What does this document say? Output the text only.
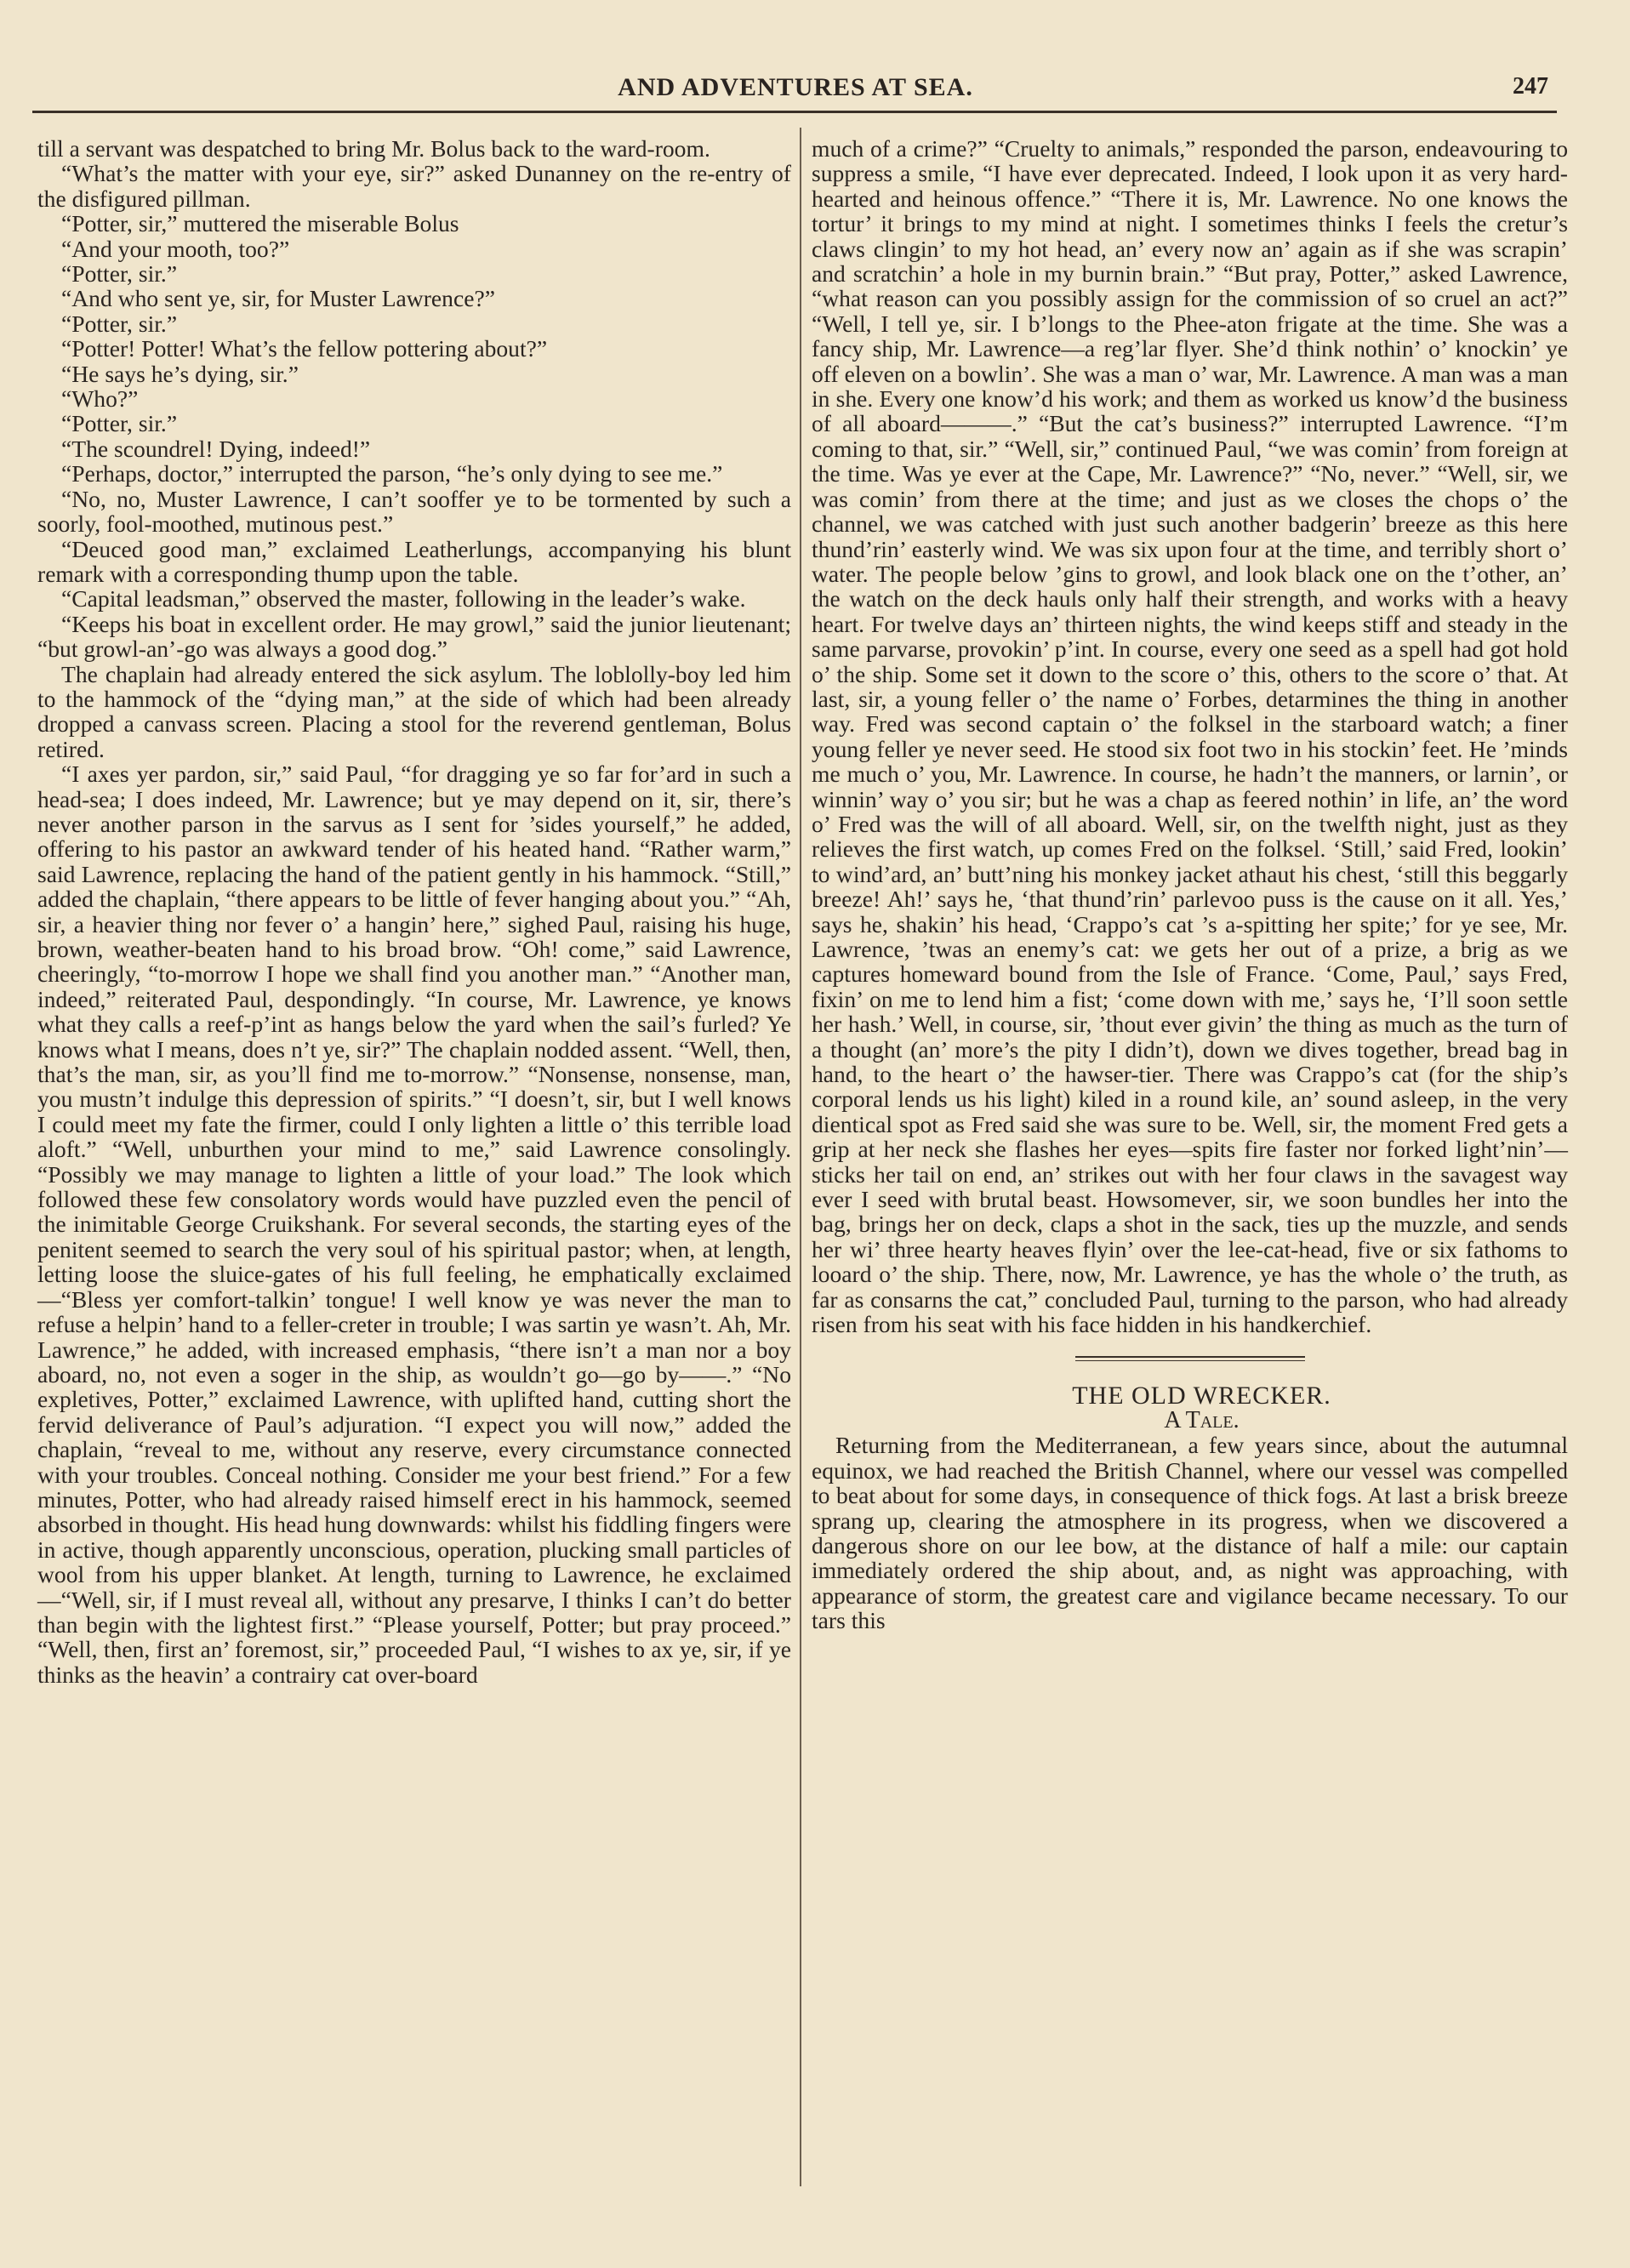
AND ADVENTURES AT SEA.	247

till a servant was despatched to bring Mr. Bolus back to the ward-room.

“What’s the matter with your eye, sir?” asked Dunanney on the re-entry of the disfigured pillman.

“Potter, sir,” muttered the miserable Bolus

“And your mooth, too?”

“Potter, sir.”

“And who sent ye, sir, for Muster Lawrence?”

“Potter, sir.”

“Potter! Potter! What’s the fellow pottering about?”

“He says he’s dying, sir.”

“Who?”

“Potter, sir.”

“The scoundrel! Dying, indeed!”

“Perhaps, doctor,” interrupted the parson, “he’s only dying to see me.”

“No, no, Muster Lawrence, I can’t sooffer ye to be tormented by such a soorly, fool-moothed, mutinous pest.”

“Deuced good man,” exclaimed Leatherlungs, accompanying his blunt remark with a corresponding thump upon the table.

“Capital leadsman,” observed the master, following in the leader’s wake.

“Keeps his boat in excellent order. He may growl,” said the junior lieutenant; “but growl-an’-go was always a good dog.”

The chaplain had already entered the sick asylum. The loblolly-boy led him to the hammock of the “dying man,” at the side of which had been already dropped a canvass screen. Placing a stool for the reverend gentleman, Bolus retired.

“I axes yer pardon, sir,” said Paul, “for dragging ye so far for’ard in such a head-sea; I does indeed, Mr. Lawrence; but ye may depend on it, sir, there’s never another parson in the sarvus as I sent for ’sides yourself,” he added, offering to his pastor an awkward tender of his heated hand. “Rather warm,” said Lawrence, replacing the hand of the patient gently in his hammock. “Still,” added the chaplain, “there appears to be little of fever hanging about you.” “Ah, sir, a heavier thing nor fever o’ a hangin’ here,” sighed Paul, raising his huge, brown, weather-beaten hand to his broad brow. “Oh! come,” said Lawrence, cheeringly, “to-morrow I hope we shall find you another man.” “Another man, indeed,” reiterated Paul, despondingly. “In course, Mr. Lawrence, ye knows what they calls a reef-p’int as hangs below the yard when the sail’s furled? Ye knows what I means, does n’t ye, sir?” The chaplain nodded assent. “Well, then, that’s the man, sir, as you’ll find me to-morrow.” “Nonsense, nonsense, man, you mustn’t indulge this depression of spirits.” “I doesn’t, sir, but I well knows I could meet my fate the firmer, could I only lighten a little o’ this terrible load aloft.” “Well, unburthen your mind to me,” said Lawrence consolingly. “Possibly we may manage to lighten a little of your load.” The look which followed these few consolatory words would have puzzled even the pencil of the inimitable George Cruikshank. For several seconds, the starting eyes of the penitent seemed to search the very soul of his spiritual pastor; when, at length, letting loose the sluice-gates of his full feeling, he emphatically exclaimed—“Bless yer comfort-talkin’ tongue! I well know ye was never the man to refuse a helpin’ hand to a feller-creter in trouble; I was sartin ye wasn’t. Ah, Mr. Lawrence,” he added, with increased emphasis, “there isn’t a man nor a boy aboard, no, not even a soger in the ship, as wouldn’t go—go by——.” “No expletives, Potter,” exclaimed Lawrence, with uplifted hand, cutting short the fervid deliverance of Paul’s adjuration. “I expect you will now,” added the chaplain, “reveal to me, without any reserve, every circumstance connected with your troubles. Conceal nothing. Consider me your best friend.” For a few minutes, Potter, who had already raised himself erect in his hammock, seemed absorbed in thought. His head hung downwards: whilst his fiddling fingers were in active, though apparently unconscious, operation, plucking small particles of wool from his upper blanket. At length, turning to Lawrence, he exclaimed—“Well, sir, if I must reveal all, without any presarve, I thinks I can’t do better than begin with the lightest first.” “Please yourself, Potter; but pray proceed.” “Well, then, first an’ foremost, sir,” proceeded Paul, “I wishes to ax ye, sir, if ye thinks as the heavin’ a contrairy cat over-board

much of a crime?” “Cruelty to animals,” responded the parson, endeavouring to suppress a smile, “I have ever deprecated. Indeed, I look upon it as very hard-hearted and heinous offence.” “There it is, Mr. Lawrence. No one knows the tortur’ it brings to my mind at night. I sometimes thinks I feels the cretur’s claws clingin’ to my hot head, an’ every now an’ again as if she was scrapin’ and scratchin’ a hole in my burnin brain.” “But pray, Potter,” asked Lawrence, “what reason can you possibly assign for the commission of so cruel an act?” “Well, I tell ye, sir. I b’longs to the Phee-aton frigate at the time. She was a fancy ship, Mr. Lawrence—a reg’lar flyer. She’d think nothin’ o’ knockin’ ye off eleven on a bowlin’. She was a man o’ war, Mr. Lawrence. A man was a man in she. Every one know’d his work; and them as worked us know’d the business of all aboard———.” “But the cat’s business?” interrupted Lawrence. “I’m coming to that, sir.” “Well, sir,” continued Paul, “we was comin’ from foreign at the time. Was ye ever at the Cape, Mr. Lawrence?” “No, never.” “Well, sir, we was comin’ from there at the time; and just as we closes the chops o’ the channel, we was catched with just such another badgerin’ breeze as this here thund’rin’ easterly wind. We was six upon four at the time, and terribly short o’ water. The people below ’gins to growl, and look black one on the t’other, an’ the watch on the deck hauls only half their strength, and works with a heavy heart. For twelve days an’ thirteen nights, the wind keeps stiff and steady in the same parvarse, provokin’ p’int. In course, every one seed as a spell had got hold o’ the ship. Some set it down to the score o’ this, others to the score o’ that. At last, sir, a young feller o’ the name o’ Forbes, detarmines the thing in another way. Fred was second captain o’ the folksel in the starboard watch; a finer young feller ye never seed. He stood six foot two in his stockin’ feet. He ’minds me much o’ you, Mr. Lawrence. In course, he hadn’t the manners, or larnin’, or winnin’ way o’ you sir; but he was a chap as feered nothin’ in life, an’ the word o’ Fred was the will of all aboard. Well, sir, on the twelfth night, just as they relieves the first watch, up comes Fred on the folksel. ‘Still,’ said Fred, lookin’ to wind’ard, an’ butt’ning his monkey jacket athaut his chest, ‘still this beggarly breeze! Ah!’ says he, ‘that thund’rin’ parlevoo puss is the cause on it all. Yes,’ says he, shakin’ his head, ‘Crappo’s cat ’s a-spitting her spite;’ for ye see, Mr. Lawrence, ’twas an enemy’s cat: we gets her out of a prize, a brig as we captures homeward bound from the Isle of France. ‘Come, Paul,’ says Fred, fixin’ on me to lend him a fist; ‘come down with me,’ says he, ‘I’ll soon settle her hash.’ Well, in course, sir, ’thout ever givin’ the thing as much as the turn of a thought (an’ more’s the pity I didn’t), down we dives together, bread bag in hand, to the heart o’ the hawser-tier. There was Crappo’s cat (for the ship’s corporal lends us his light) kiled in a round kile, an’ sound asleep, in the very dientical spot as Fred said she was sure to be. Well, sir, the moment Fred gets a grip at her neck she flashes her eyes—spits fire faster nor forked light’nin’—sticks her tail on end, an’ strikes out with her four claws in the savagest way ever I seed with brutal beast. Howsomever, sir, we soon bundles her into the bag, brings her on deck, claps a shot in the sack, ties up the muzzle, and sends her wi’ three hearty heaves flyin’ over the lee-cat-head, five or six fathoms to looard o’ the ship. There, now, Mr. Lawrence, ye has the whole o’ the truth, as far as consarns the cat,” concluded Paul, turning to the parson, who had already risen from his seat with his face hidden in his handkerchief.

THE OLD WRECKER.

A Tale.

Returning from the Mediterranean, a few years since, about the autumnal equinox, we had reached the British Channel, where our vessel was compelled to beat about for some days, in consequence of thick fogs. At last a brisk breeze sprang up, clearing the atmosphere in its progress, when we discovered a dangerous shore on our lee bow, at the distance of half a mile: our captain immediately ordered the ship about, and, as night was approaching, with appearance of storm, the greatest care and vigilance became necessary. To our tars this
